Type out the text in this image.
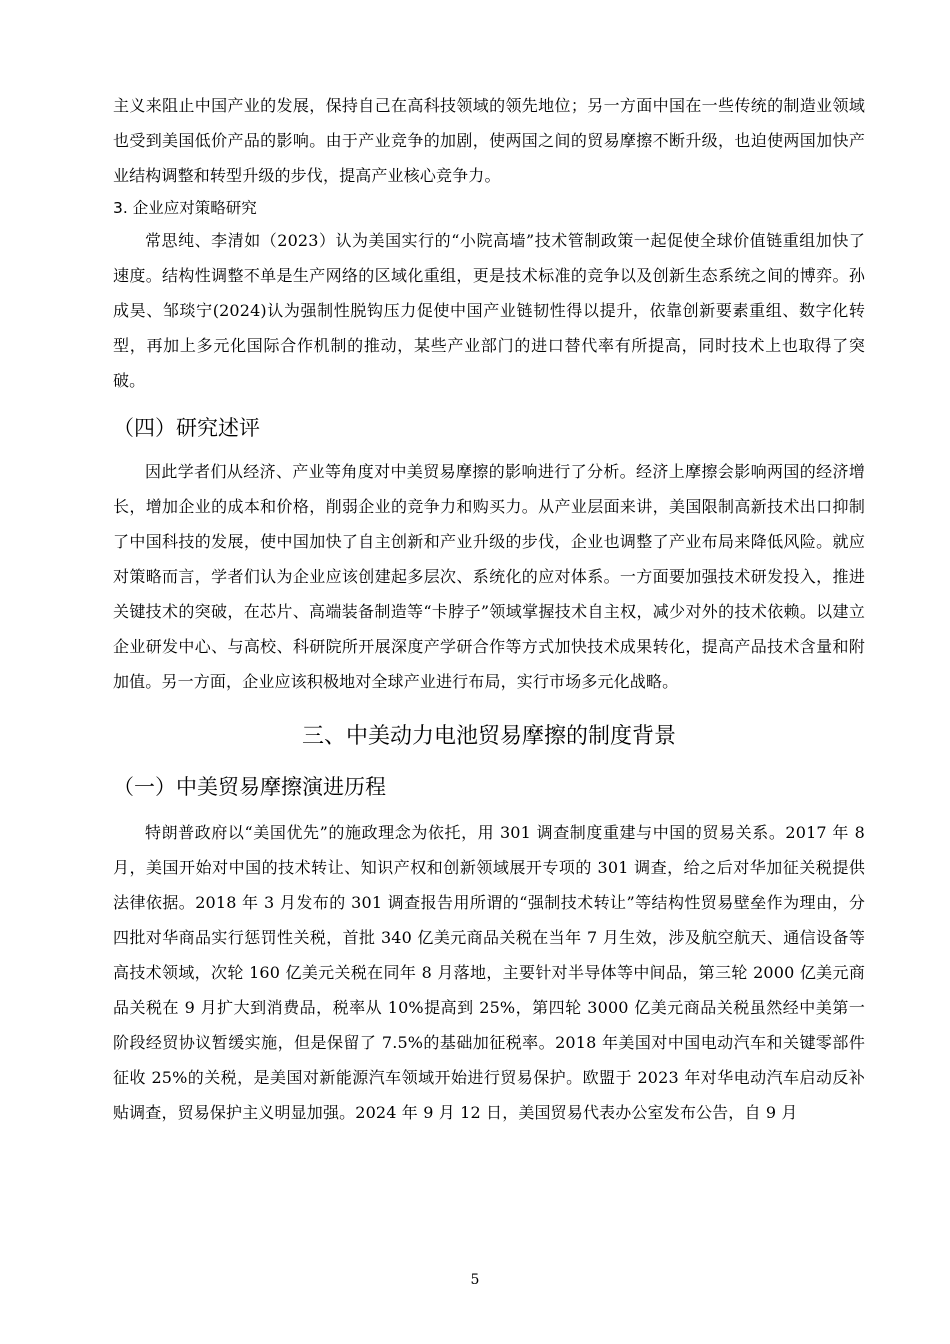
主义来阻止中国产业的发展，保持自己在高科技领域的领先地位；另一方面中国在一些传统的制造业领域也受到美国低价产品的影响。由于产业竞争的加剧，使两国之间的贸易摩擦不断升级，也迫使两国加快产业结构调整和转型升级的步伐，提高产业核心竞争力。

3. 企业应对策略研究

常思纯、李清如（2023）认为美国实行的“小院高墙”技术管制政策一起促使全球价值链重组加快了速度。结构性调整不单是生产网络的区域化重组，更是技术标准的竞争以及创新生态系统之间的博弈。孙成昊、邹琰宁(2024)认为强制性脱钩压力促使中国产业链韧性得以提升，依靠创新要素重组、数字化转型，再加上多元化国际合作机制的推动，某些产业部门的进口替代率有所提高，同时技术上也取得了突破。

（四）研究述评

因此学者们从经济、产业等角度对中美贸易摩擦的影响进行了分析。经济上摩擦会影响两国的经济增长，增加企业的成本和价格，削弱企业的竞争力和购买力。从产业层面来讲，美国限制高新技术出口抑制了中国科技的发展，使中国加快了自主创新和产业升级的步伐，企业也调整了产业布局来降低风险。就应对策略而言，学者们认为企业应该创建起多层次、系统化的应对体系。一方面要加强技术研发投入，推进关键技术的突破，在芯片、高端装备制造等“卡脖子”领域掌握技术自主权，减少对外的技术依赖。以建立企业研发中心、与高校、科研院所开展深度产学研合作等方式加快技术成果转化，提高产品技术含量和附加值。另一方面，企业应该积极地对全球产业进行布局，实行市场多元化战略。

三、中美动力电池贸易摩擦的制度背景
（一）中美贸易摩擦演进历程

特朗普政府以“美国优先”的施政理念为依托，用 301 调查制度重建与中国的贸易关系。2017 年 8 月，美国开始对中国的技术转让、知识产权和创新领域展开专项的 301 调查，给之后对华加征关税提供法律依据。2018 年 3 月发布的 301 调查报告用所谓的“强制技术转让”等结构性贸易壁垒作为理由，分四批对华商品实行惩罚性关税，首批 340 亿美元商品关税在当年 7 月生效，涉及航空航天、通信设备等高技术领域，次轮 160 亿美元关税在同年 8 月落地，主要针对半导体等中间品，第三轮 2000 亿美元商品关税在 9 月扩大到消费品，税率从 10%提高到 25%，第四轮 3000 亿美元商品关税虽然经中美第一阶段经贸协议暂缓实施，但是保留了 7.5%的基础加征税率。2018 年美国对中国电动汽车和关键零部件征收 25%的关税，是美国对新能源汽车领域开始进行贸易保护。欧盟于 2023 年对华电动汽车启动反补贴调查，贸易保护主义明显加强。2024 年 9 月 12 日，美国贸易代表办公室发布公告，自 9 月

5
